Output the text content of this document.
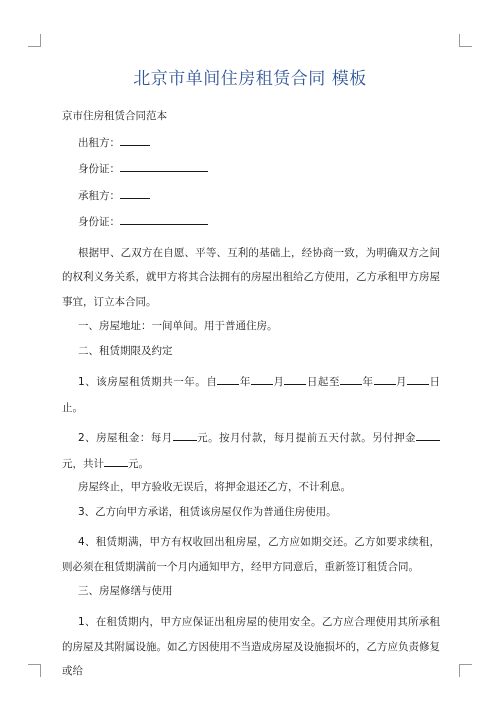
北京市单间住房租赁合同 模板

京市住房租赁合同范本

出租方：

身份证：

承租方：

身份证：

根据甲、乙双方在自愿、平等、互利的基础上，经协商一致，为明确双方之间的权利义务关系，就甲方将其合法拥有的房屋出租给乙方使用，乙方承租甲方房屋事宜，订立本合同。

一、房屋地址：一间单间。用于普通住房。

二、租赁期限及约定

1、该房屋租赁期共一年。自 年 月 日起至 年 月 日止。

2、房屋租金：每月 元。按月付款，每月提前五天付款。另付押金元，共计 元。

房屋终止，甲方验收无误后，将押金退还乙方，不计利息。

3、乙方向甲方承诺，租赁该房屋仅作为普通住房使用。

4、租赁期满，甲方有权收回出租房屋，乙方应如期交还。乙方如要求续租，则必须在租赁期满前一个月内通知甲方，经甲方同意后，重新签订租赁合同。

三、房屋修缮与使用

1、在租赁期内，甲方应保证出租房屋的使用安全。乙方应合理使用其所承租的房屋及其附属设施。如乙方因使用不当造成房屋及设施损坏的，乙方应负责修复或给
